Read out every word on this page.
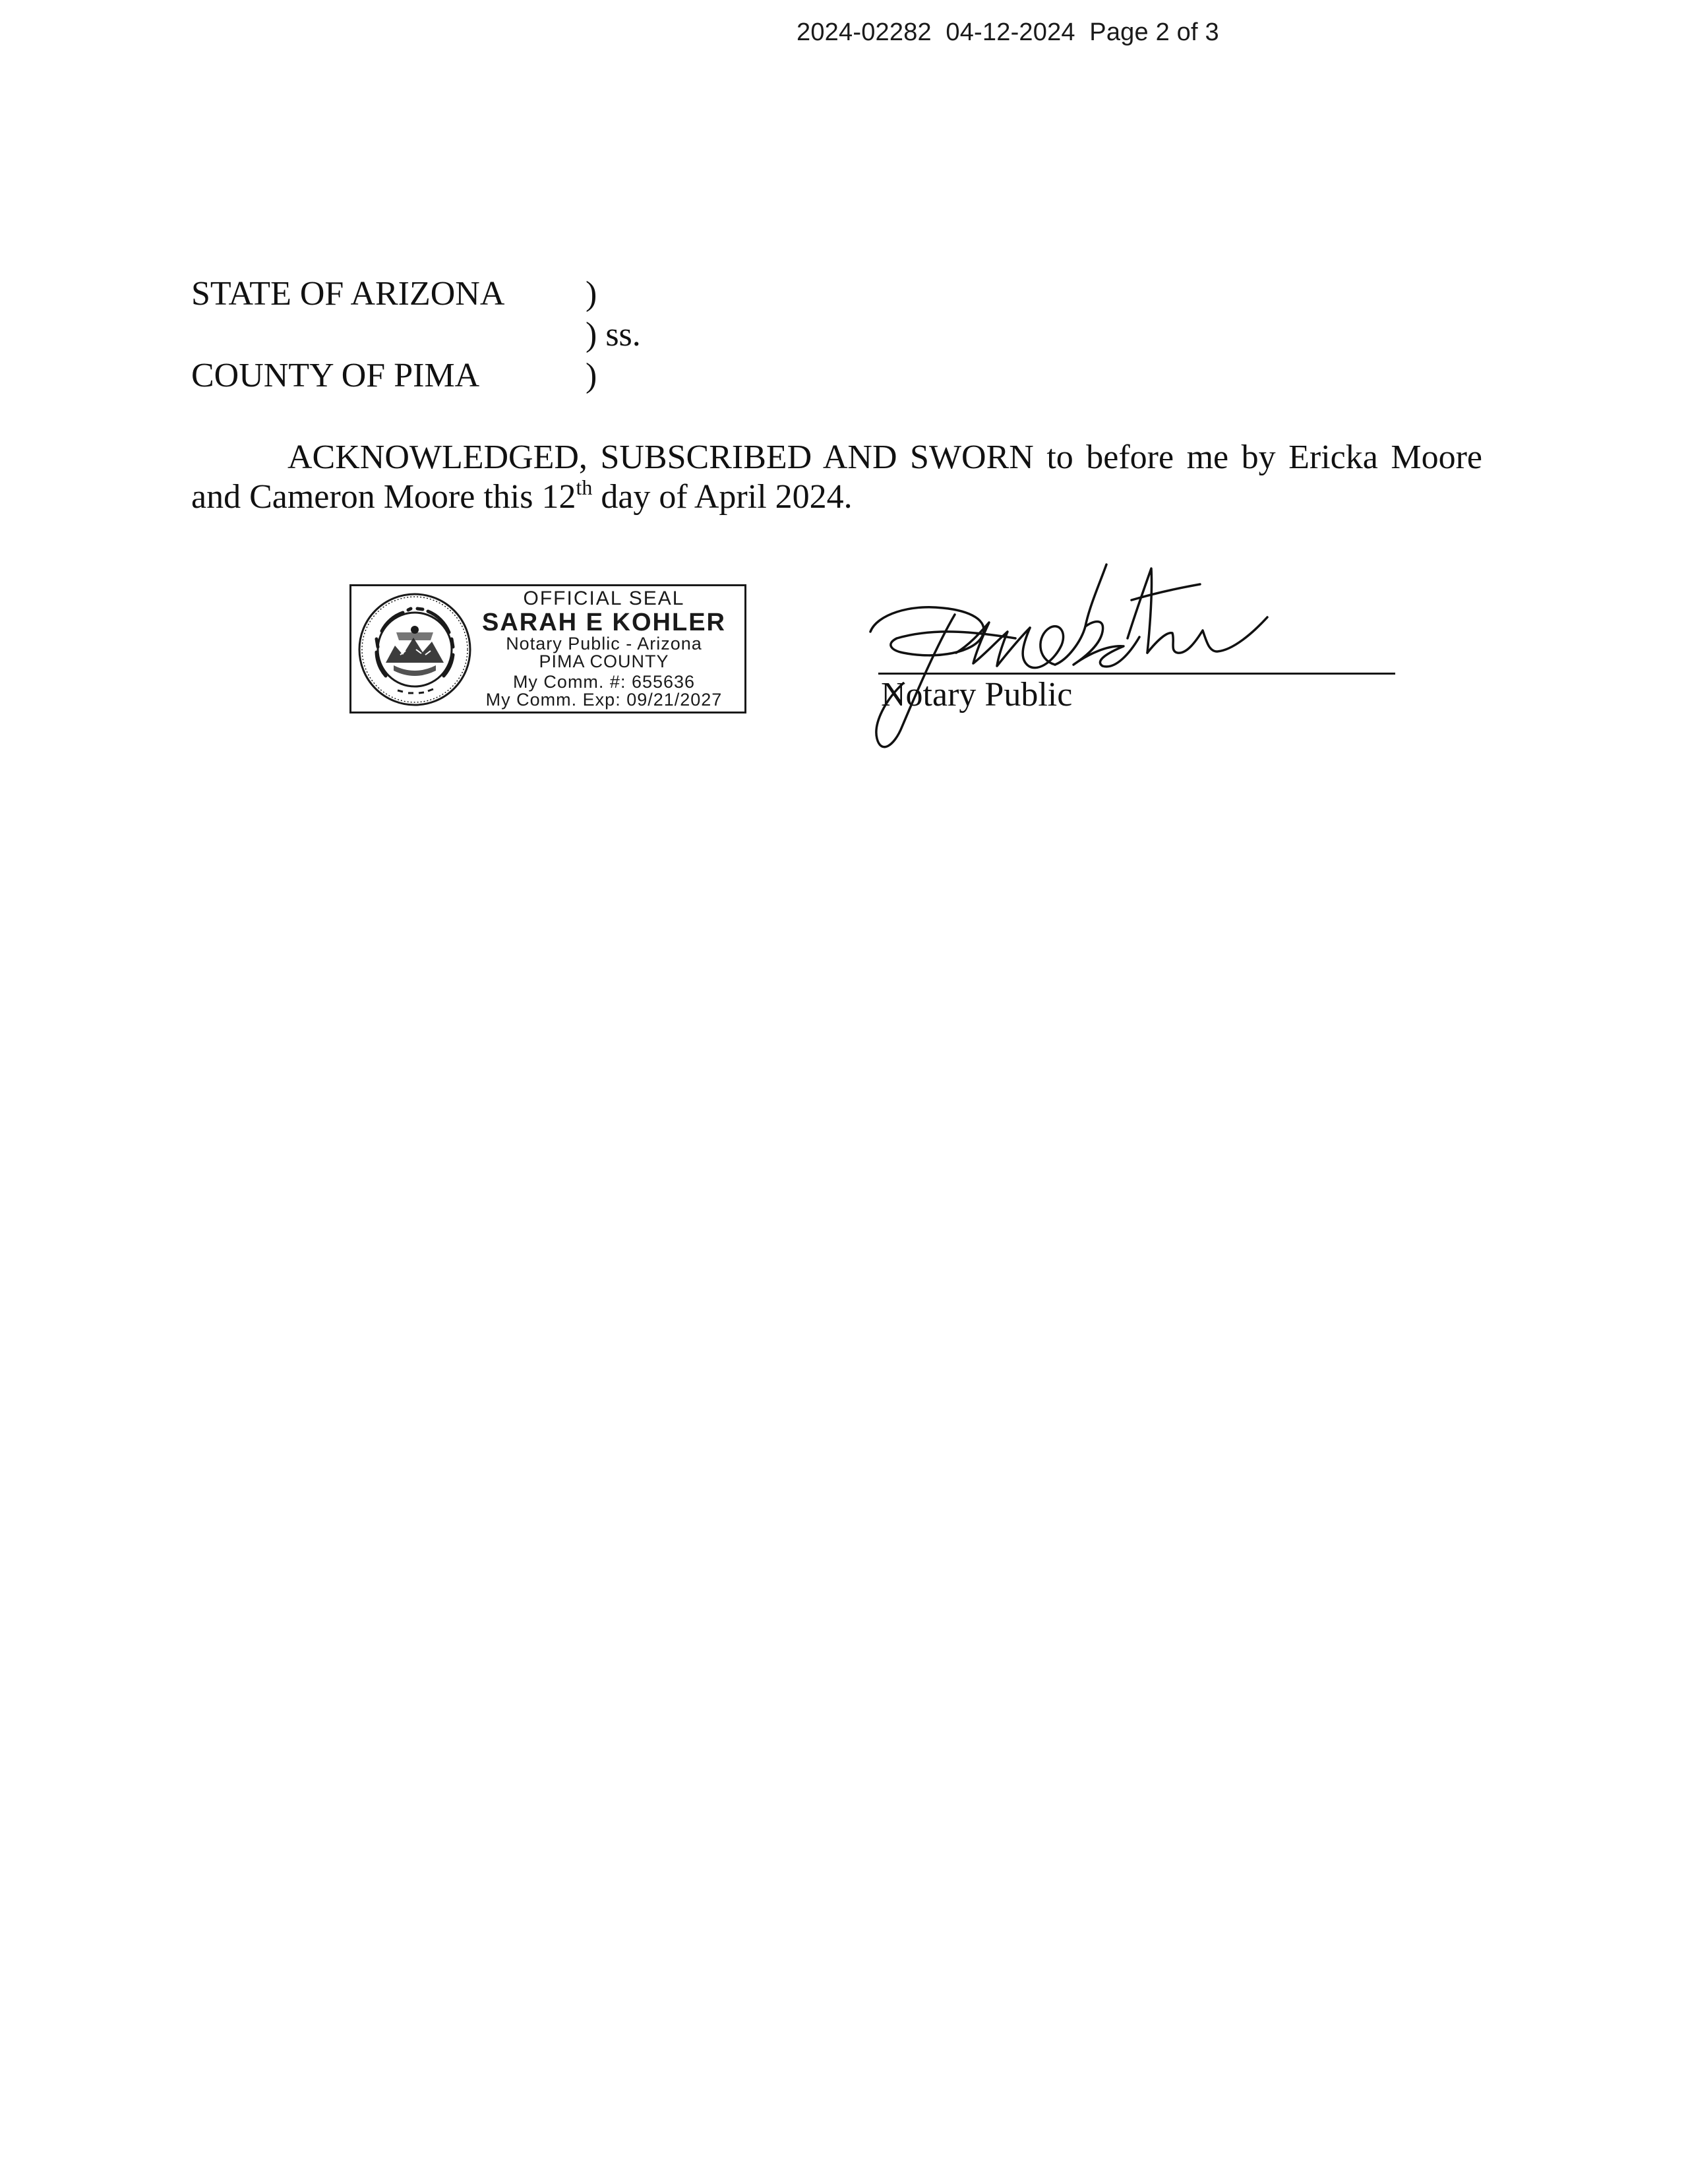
2024-02282 04-12-2024 Page 2 of 3
STATE OF ARIZONA )
) ss.
COUNTY OF PIMA	)
ACKNOWLEDGED, SUBSCRIBED AND SWORN to before me by Ericka Moore and Cameron Moore this 12th day of April 2024.
OFFICIAL SEAL
SARAH E KOHLER
Notary Public - Arizona
PIMA COUNTY
My Comm. #: 655636
My Comm. Exp: 09/21/2027	Notary Public
